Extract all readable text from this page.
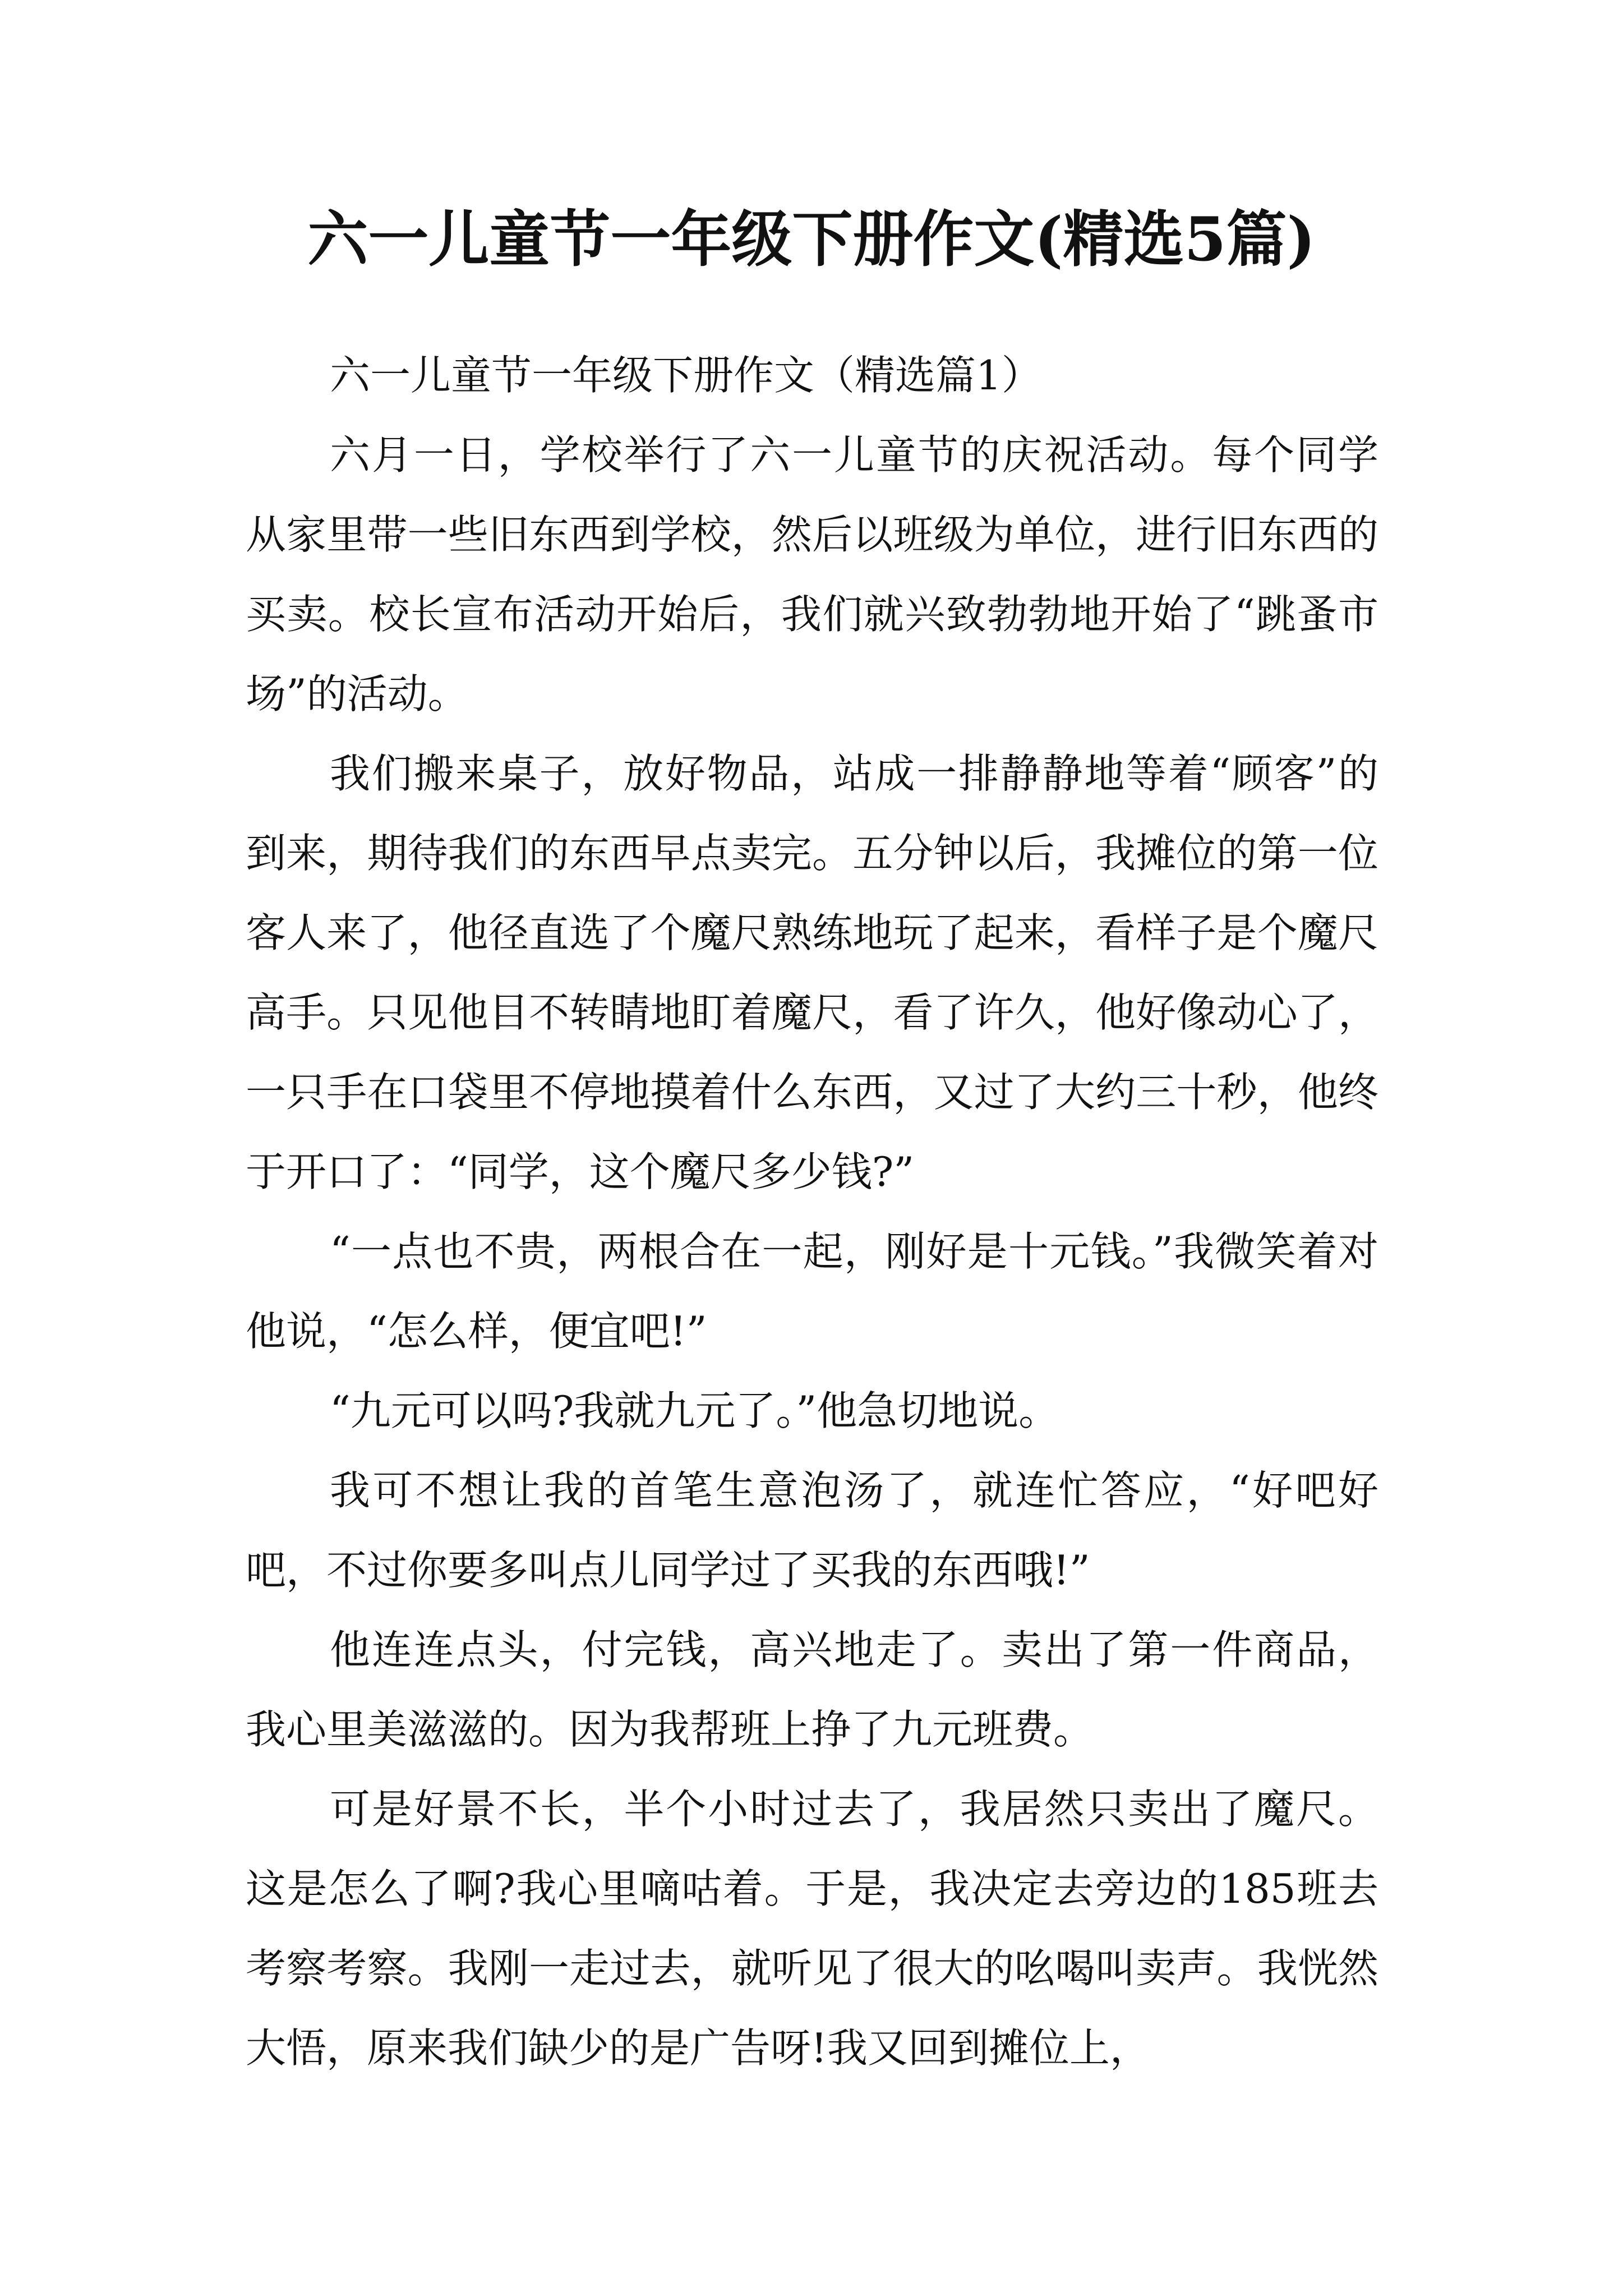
六一儿童节一年级下册作文(精选5篇)

六一儿童节一年级下册作文（精选篇1）

六月一日，学校举行了六一儿童节的庆祝活动。每个同学从家里带一些旧东西到学校，然后以班级为单位，进行旧东西的买卖。校长宣布活动开始后，我们就兴致勃勃地开始了“跳蚤市场”的活动。

我们搬来桌子，放好物品，站成一排静静地等着“顾客”的到来，期待我们的东西早点卖完。五分钟以后，我摊位的第一位客人来了，他径直选了个魔尺熟练地玩了起来，看样子是个魔尺高手。只见他目不转睛地盯着魔尺，看了许久，他好像动心了，一只手在口袋里不停地摸着什么东西，又过了大约三十秒，他终于开口了：“同学，这个魔尺多少钱?”

“一点也不贵，两根合在一起，刚好是十元钱。”我微笑着对他说，“怎么样，便宜吧!”

“九元可以吗?我就九元了。”他急切地说。

我可不想让我的首笔生意泡汤了，就连忙答应，“好吧好吧，不过你要多叫点儿同学过了买我的东西哦!”

他连连点头，付完钱，高兴地走了。卖出了第一件商品，我心里美滋滋的。因为我帮班上挣了九元班费。

可是好景不长，半个小时过去了，我居然只卖出了魔尺。这是怎么了啊?我心里嘀咕着。于是，我决定去旁边的185班去考察考察。我刚一走过去，就听见了很大的吆喝叫卖声。我恍然大悟，原来我们缺少的是广告呀!我又回到摊位上，
